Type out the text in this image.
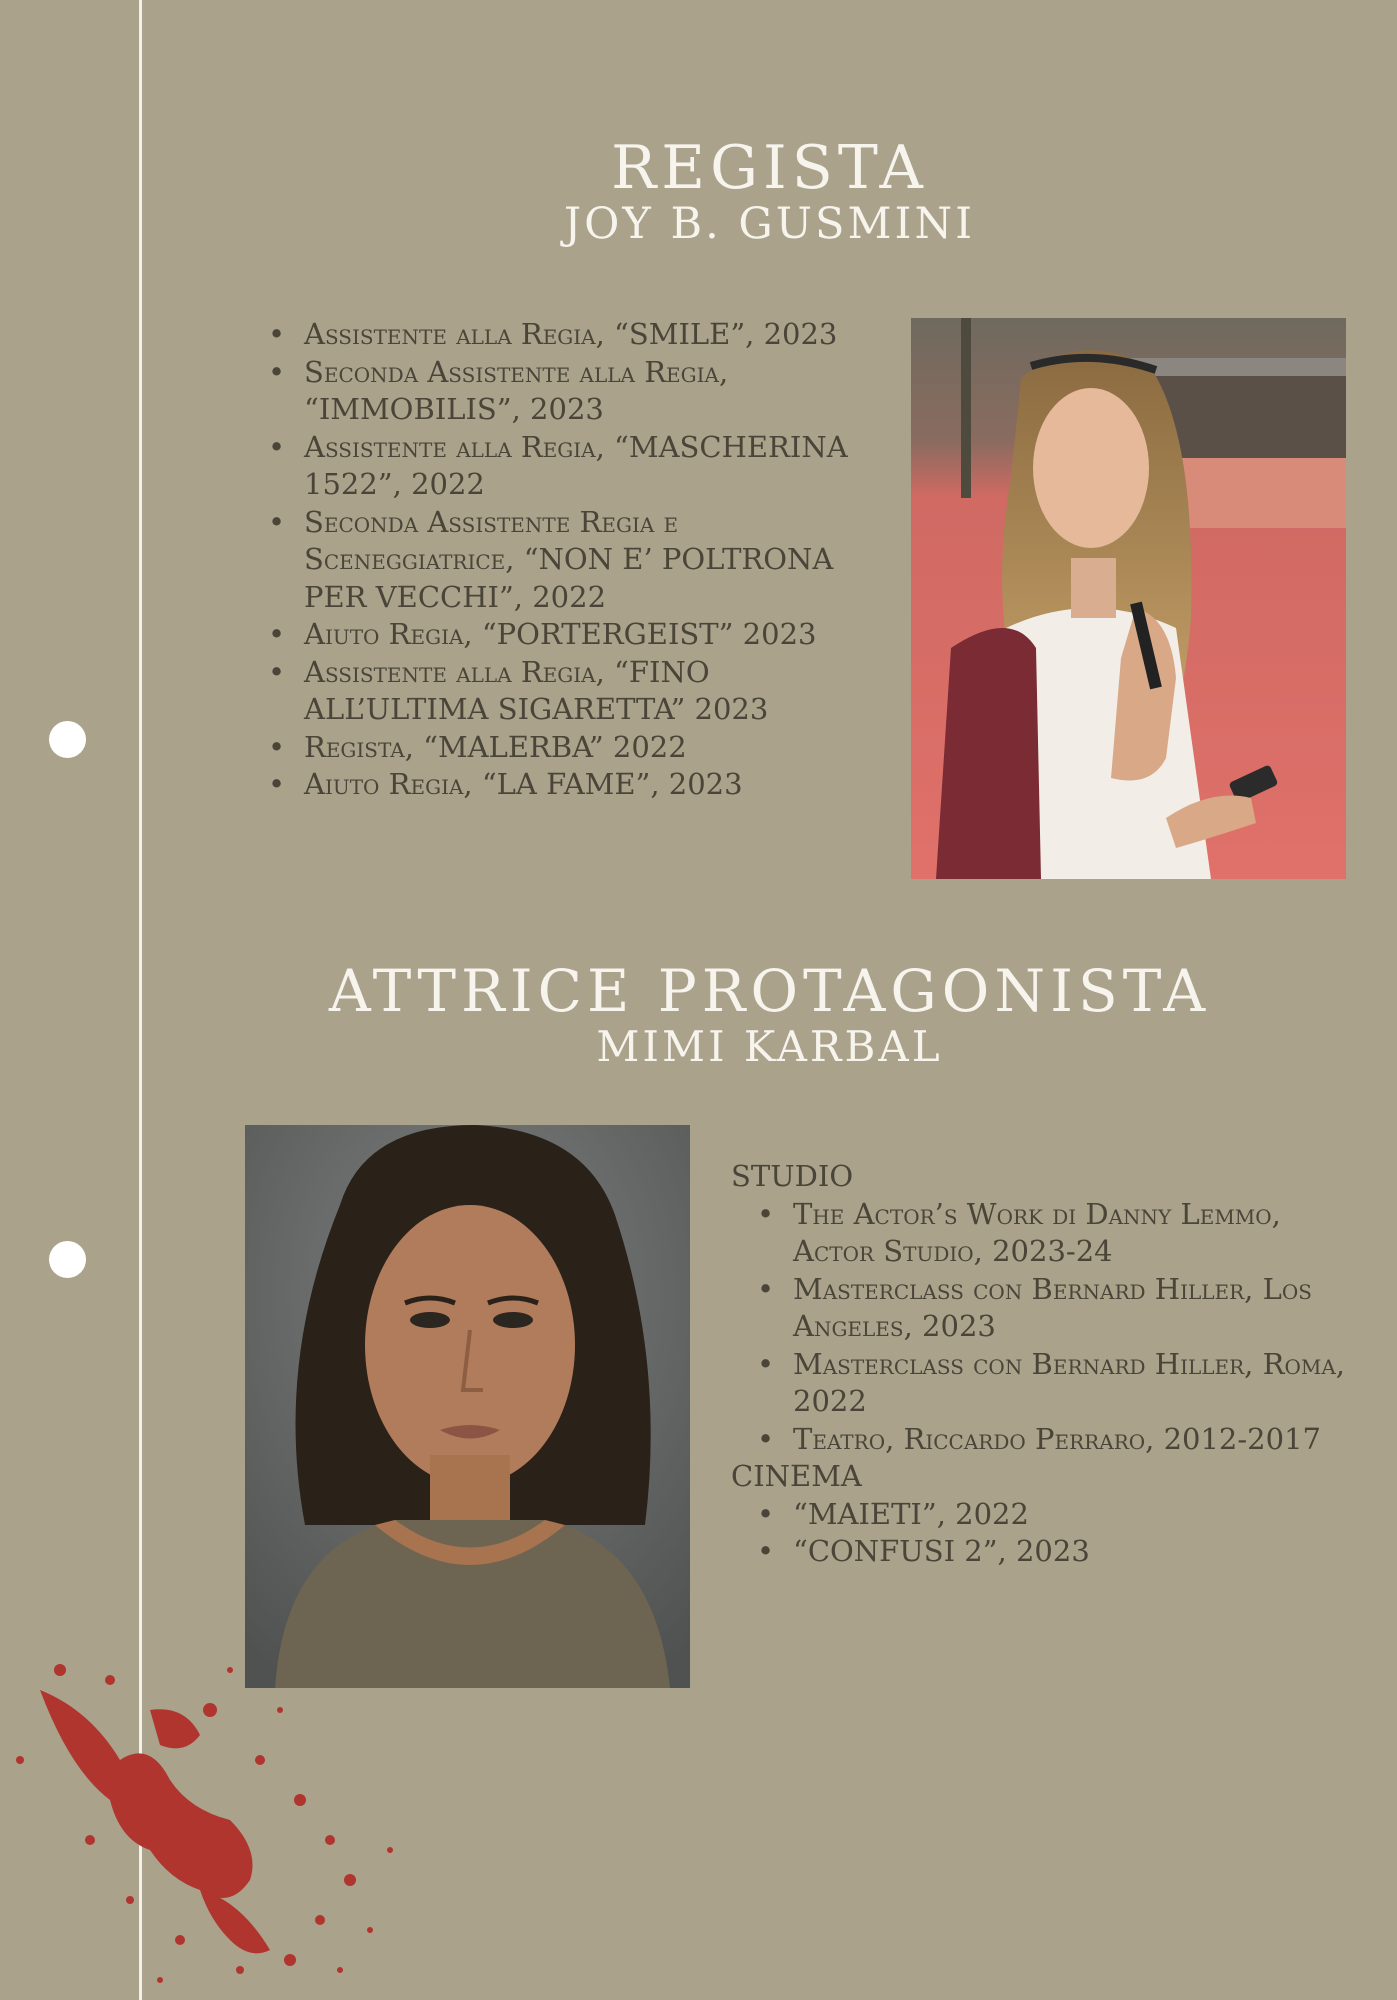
REGISTA
JOY B. GUSMINI
• Assistente alla Regia, “SMILE”, 2023
• Seconda Assistente alla Regia, “IMMOBILIS”, 2023
• Assistente alla Regia, “MASCHERINA 1522”, 2022
• Seconda Assistente Regia e Sceneggiatrice, “NON E’ POLTRONA PER VECCHI”, 2022
• Aiuto Regia, “PORTERGEIST” 2023
• Assistente alla Regia, “FINO ALL’ULTIMA SIGARETTA” 2023
• Regista, “MALERBA” 2022
• Aiuto Regia, “LA FAME”, 2023
ATTRICE PROTAGONISTA
MIMI KARBAL
STUDIO
• The Actor’s Work di Danny Lemmo, Actor Studio, 2023-24
• Masterclass con Bernard Hiller, Los Angeles, 2023
• Masterclass con Bernard Hiller, Roma, 2022
• Teatro, Riccardo Perraro, 2012-2017
CINEMA
• “MAIETI”, 2022
• “CONFUSI 2”, 2023
